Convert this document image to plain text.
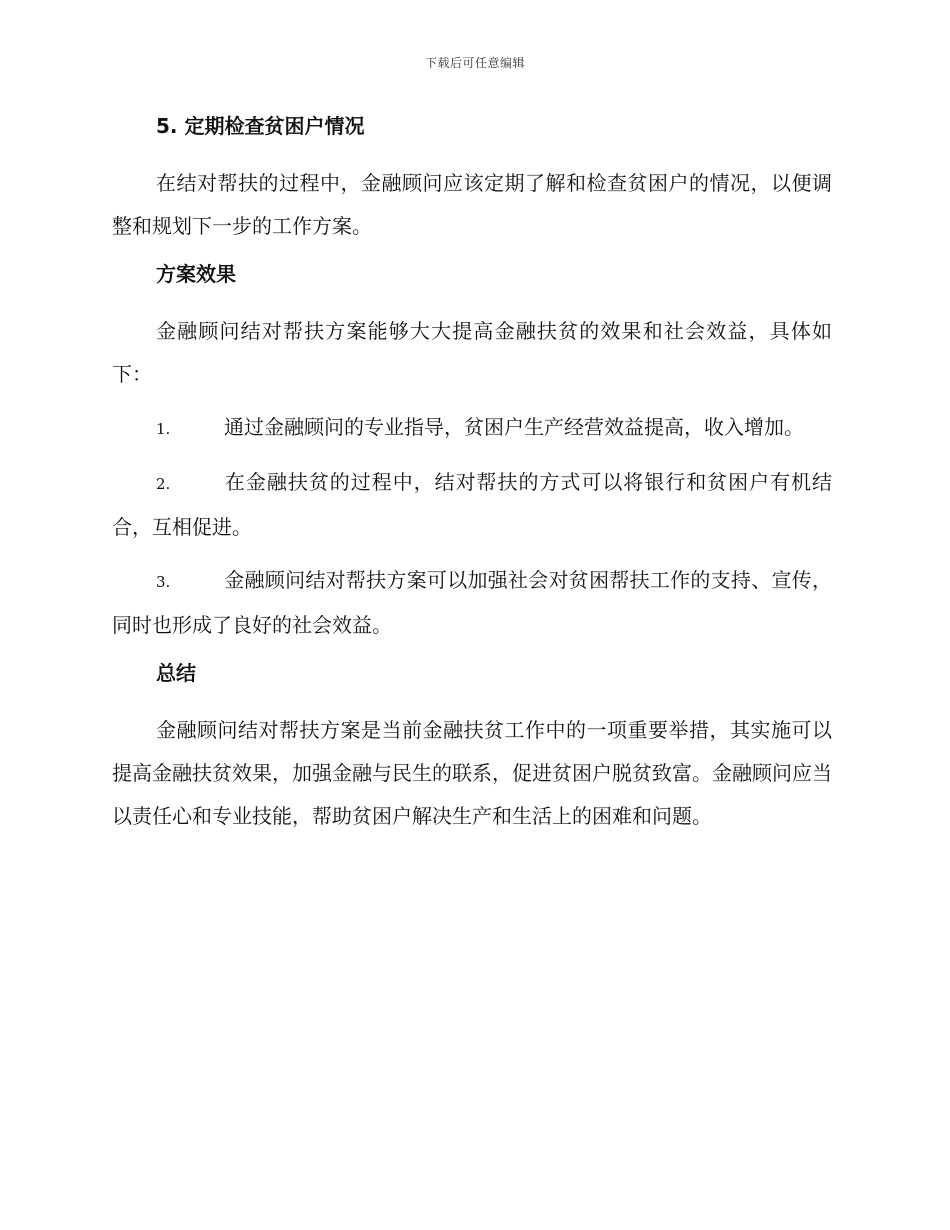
下载后可任意编辑
5. 定期检查贫困户情况

在结对帮扶的过程中，金融顾问应该定期了解和检查贫困户的情况，以便调整和规划下一步的工作方案。

方案效果

金融顾问结对帮扶方案能够大大提高金融扶贫的效果和社会效益，具体如下：

1.	通过金融顾问的专业指导，贫困户生产经营效益提高，收入增加。

2.	在金融扶贫的过程中，结对帮扶的方式可以将银行和贫困户有机结合，互相促进。

3.	金融顾问结对帮扶方案可以加强社会对贫困帮扶工作的支持、宣传，同时也形成了良好的社会效益。

总结

金融顾问结对帮扶方案是当前金融扶贫工作中的一项重要举措，其实施可以提高金融扶贫效果，加强金融与民生的联系，促进贫困户脱贫致富。金融顾问应当以责任心和专业技能，帮助贫困户解决生产和生活上的困难和问题。
